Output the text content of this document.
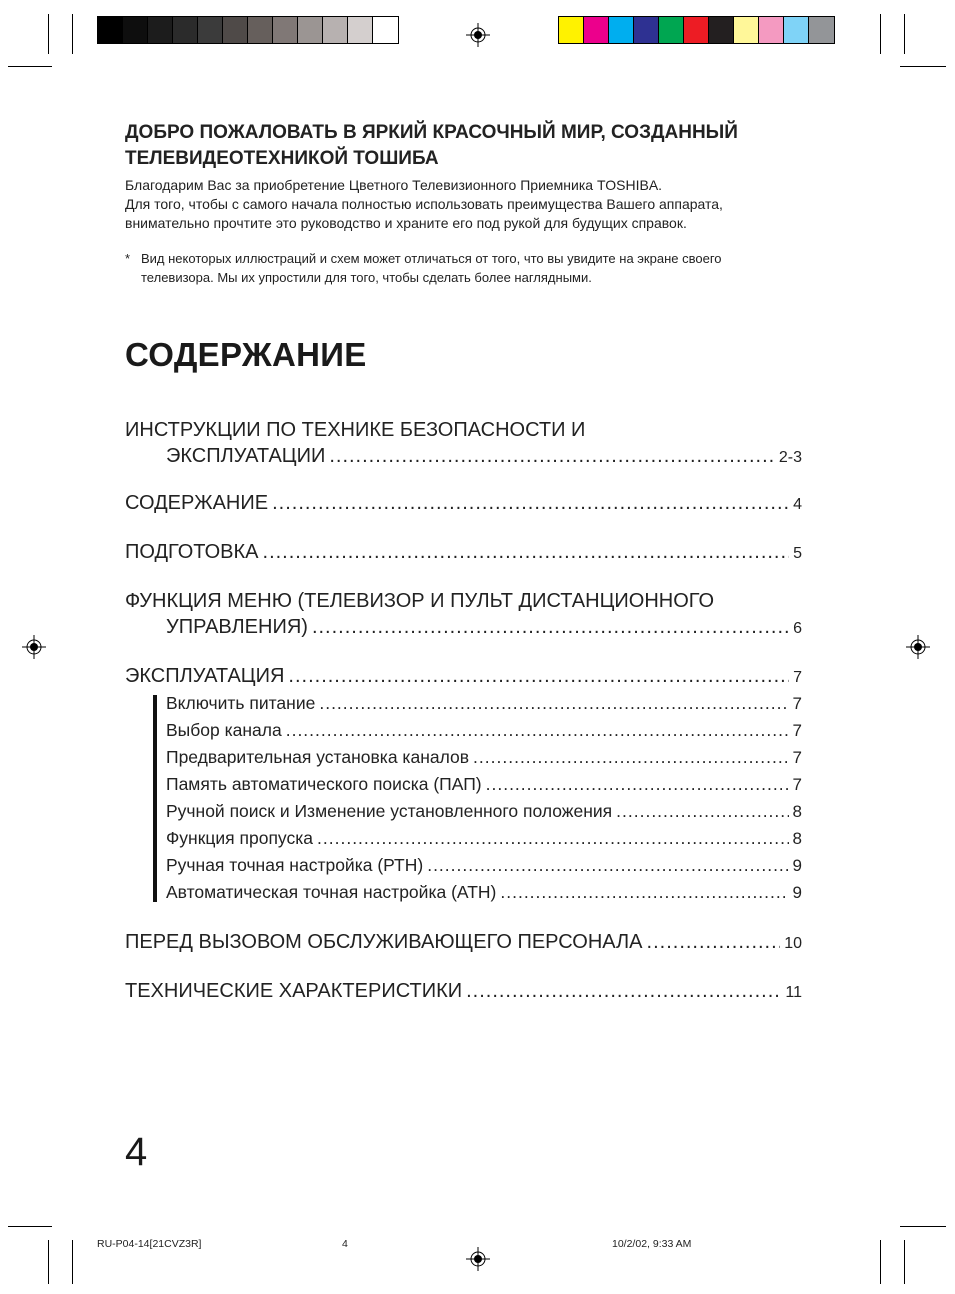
ДОБРО ПОЖАЛОВАТЬ В ЯРКИЙ КРАСОЧНЫЙ МИР, СОЗДАННЫЙ
ТЕЛЕВИДЕОТЕХНИКОЙ ТОШИБА
Благодарим Вас за приобретение Цветного Телевизионного Приемника TOSHIBA.
Для того, чтобы с самого начала полностью использовать преимущества Вашего аппарата,
внимательно прочтите это руководство и храните его под рукой для будущих справок.
* Вид некоторых иллюстраций и схем может отличаться от того, что вы увидите на экране своего
телевизора. Мы их упростили для того, чтобы сделать более наглядными.
СОДЕРЖАНИЕ
ИНСТРУКЦИИ ПО ТЕХНИКЕ БЕЗОПАСНОСТИ И
ЭКСПЛУАТАЦИИ .....	2-3
СОДЕРЖАНИЕ .....	4
ПОДГОТОВКА .....	5
ФУНКЦИЯ МЕНЮ (ТЕЛЕВИЗОР И ПУЛЬТ ДИСТАНЦИОННОГО
УПРАВЛЕНИЯ) .....	6
ЭКСПЛУАТАЦИЯ .....	7
Включить питание .....	7
Выбор канала .....	7
Предварительная установка каналов .....	7
Память автоматического поиска (ПАП) .....	7
Ручной поиск и Изменение установленного положения .....	8
Функция пропуска .....	8
Ручная точная настройка (РТН) .....	9
Автоматическая точная настройка (АТН) .....	9
ПЕРЕД ВЫЗОВОМ ОБСЛУЖИВАЮЩЕГО ПЕРСОНАЛА .....	10
ТЕХНИЧЕСКИЕ ХАРАКТЕРИСТИКИ .....	11
4
RU-P04-14[21CVZ3R]	4	10/2/02, 9:33 AM
